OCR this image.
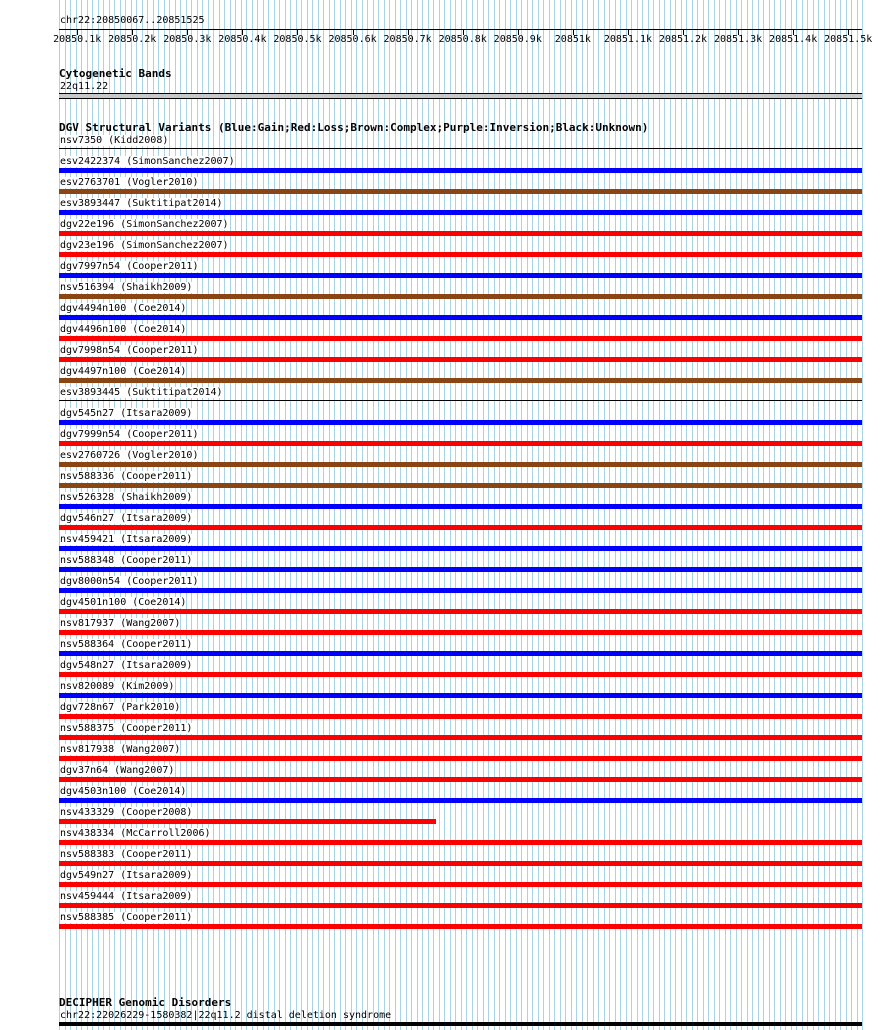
chr22:20850067..20851525
20850.1k 20850.2k 20850.3k 20850.4k 20850.5k 20850.6k 20850.7k 20850.8k 20850.9k 20851k 20851.1k 20851.2k 20851.3k 20851.4k 20851.5k
Cytogenetic Bands
22q11.22
DGV Structural Variants (Blue:Gain;Red:Loss;Brown:Complex;Purple:Inversion;Black:Unknown)
nsv7350 (Kidd2008)
esv2422374 (SimonSanchez2007)
esv2763701 (Vogler2010)
esv3893447 (Suktitipat2014)
dgv22e196 (SimonSanchez2007)
dgv23e196 (SimonSanchez2007)
dgv7997n54 (Cooper2011)
nsv516394 (Shaikh2009)
dgv4494n100 (Coe2014)
dgv4496n100 (Coe2014)
dgv7998n54 (Cooper2011)
dgv4497n100 (Coe2014)
esv3893445 (Suktitipat2014)
dgv545n27 (Itsara2009)
dgv7999n54 (Cooper2011)
esv2760726 (Vogler2010)
nsv588336 (Cooper2011)
nsv526328 (Shaikh2009)
dgv546n27 (Itsara2009)
nsv459421 (Itsara2009)
nsv588348 (Cooper2011)
dgv8000n54 (Cooper2011)
dgv4501n100 (Coe2014)
nsv817937 (Wang2007)
nsv588364 (Cooper2011)
dgv548n27 (Itsara2009)
nsv820089 (Kim2009)
dgv728n67 (Park2010)
nsv588375 (Cooper2011)
nsv817938 (Wang2007)
dgv37n64 (Wang2007)
dgv4503n100 (Coe2014)
nsv433329 (Cooper2008)
nsv438334 (McCarroll2006)
nsv588383 (Cooper2011)
dgv549n27 (Itsara2009)
nsv459444 (Itsara2009)
nsv588385 (Cooper2011)
DECIPHER Genomic Disorders
chr22:22026229-1580382|22q11.2 distal deletion syndrome
